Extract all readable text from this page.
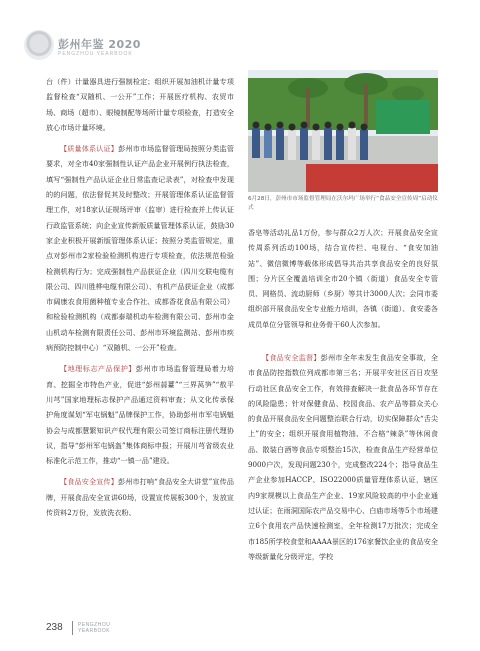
彭州年鉴 2020
PENGZHOU YEARBOOK

台（件）计量器具进行强制检定；组织开展加油机计量专项监督检查“双随机、一公开”工作；开展医疗机构、农贸市场、商场（超市）、眼镜制配等场所计量专项检查，打造安全放心市场计量环境。

【质量体系认证】彭州市市场监督管理局按照分类监管要求，对全市40家强制性认证产品企业开展例行执法检查，填写“强制性产品认证企业日常监查记录表”，对检查中发现的的问题，依法督促其及时整改；开展管理体系认证监督管理工作，对18家认证规场评审（监审）进行检查并上传认证行政监管系统；向企业宣传新版质量管理体系认证，鼓励30家企业积极开展新版管理体系认证；按照分类监管规定，重点对彭州市2家检验检测机构进行专项检查，依法规范检验检测机构行为；完成强制性产品获证企业（四川交联电缆有限公司、四川胜桦电缆有限公司）、有机产品获证企业（成都市阔康农食用菌种植专业合作社、成都香花食品有限公司）和检验检测机构（成都泰瑞机动车检测有限公司、彭州市金山机动车检测有限责任公司、彭州市环境监测站、彭州市疾病预防控制中心）“双随机、一公开”检查。

【地理标志产品保护】彭州市市场监督管理局着力培育、挖掘全市特色产业，促进“彭州蒜薹”“三界莴笋”“敖平川芎”国家地理标志保护产品通过资料审查；从文化传承保护角度谋划“军屯锅魁”品牌保护工作，协助彭州市军屯锅魁协会与成都慧繁知识产权代理有限公司签订商标注册代理协议，指导“彭州军屯锅盔”集体商标申报；开展川芎省级农业标准化示范工作，推动“一镇一品”建设。

【食品安全宣传】彭州市打响“食品安全大讲堂”宣传品牌，开展食品安全宣讲60场，设置宣传展板300个，发放宣传资料2万份，发放洗衣粉、

6月28日，彭州市市场监督管理局在沃尔玛广场举行“食品安全宣传周”启动仪式

香皂等活动礼品1万份，参与群众2万人次；开展食品安全宣传周系列活动100场，结合宣传栏、电视台、“食安加油站”、微信微博等载体形成倡导共治共享食品安全的良好氛围；分片区全覆盖培训全市20个镇（街道）食品安全专管员、网格员、流动厨师（乡厨）等共计3000人次；会同市委组织部开展食品安全专业能力培训，各镇（街道）、食安委各成员单位分管领导和业务骨干60人次参加。

【食品安全监督】彭州市全年未发生食品安全事故，全市食品防控指数位列成都市第三名；开展平安社区百日攻坚行动社区食品安全工作，有效排查解决一批食品各环节存在的风险隐患；针对保健食品、校园食品、农产品等群众关心的食品开展食品安全问题整治联合行动，切实保障群众“舌尖上”的安全；组织开展食用植物油、不合格“辣条”等休闲食品、散装白酒等食品专项整治15次，检查食品生产经营单位9000户次，发现问题230个，完成整改224个；指导食品生产企业参加HACCP、ISO22000质量管理体系认证，辖区内9家规模以上食品生产企业、19家风险较高的中小企业通过认证；在雨洞国际农产品交易中心、白庙市场等5个市场建立6个食用农产品快速检测室，全年检测17万批次；完成全市185所学校食堂和AAAA景区的176家餐饮企业的食品安全等级新量化分级评定，学校

238	PENGZHOU
YEARBOOK
